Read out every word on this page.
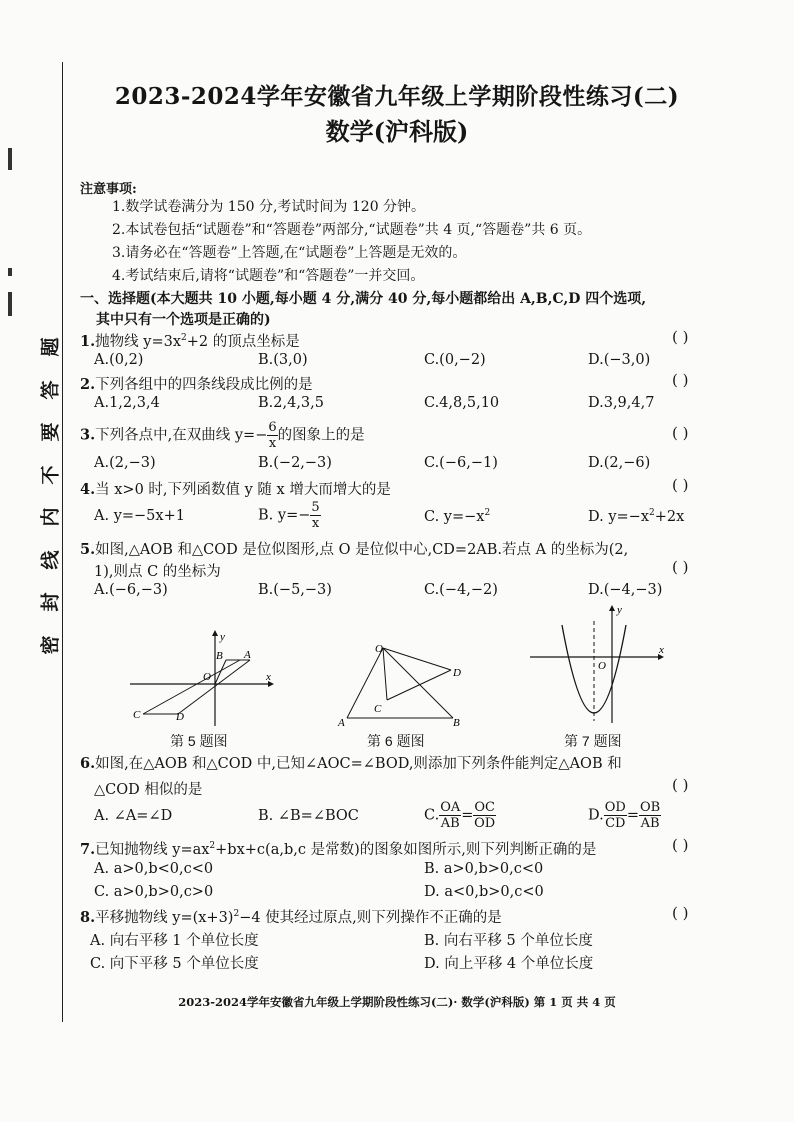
题
答
要
不
内
线
封
密
2023-2024学年安徽省九年级上学期阶段性练习(二)
数学(沪科版)
注意事项:
1.数学试卷满分为 150 分,考试时间为 120 分钟。
2.本试卷包括“试题卷”和“答题卷”两部分,“试题卷”共 4 页,“答题卷”共 6 页。
3.请务必在“答题卷”上答题,在“试题卷”上答题是无效的。
4.考试结束后,请将“试题卷”和“答题卷”一并交回。
一、选择题(本大题共 10 小题,每小题 4 分,满分 40 分,每小题都给出 A,B,C,D 四个选项,
其中只有一个选项是正确的)
1.抛物线 $y=3x^2+2$ 的顶点坐标是	( )
A.(0,2)	B.(3,0)	C.(0,−2)	D.(−3,0)
2.下列各组中的四条线段成比例的是	( )
A.1,2,3,4	B.2,4,3,5	C.4,8,5,10	D.3,9,4,7
3.下列各点中,在双曲线 $y=- \frac{6}{x}$ 的图象上的是	( )
A.(2,−3)	B.(−2,−3)	C.(−6,−1)	D.(2,−6)
4.当 x>0 时,下列函数值 y 随 x 增大而增大的是	( )
A. y=−5x+1	B. $y=- \frac{5}{x}$	C. $y=-x^2$	D. $y=-x^2+2x$
5.如图,△AOB 和△COD 是位似图形,点 O 是位似中心,CD=2AB.若点 A 的坐标为(2,
1),则点 C 的坐标为	( )
A.(−6,−3)	B.(−5,−3)	C.(−4,−2)	D.(−4,−3)
y
x
O
A
B
C	D
第 5 题图
O
A	B
C
D
第 6 题图
y
x
O
第 7 题图
6.如图,在△AOB 和△COD 中,已知∠AOC=∠BOD,则添加下列条件能判定△AOB 和
△COD 相似的是	( )
A. ∠A=∠D	B. ∠B=∠BOC	C. $\frac{OA}{AB} = \frac{OC}{OD}$	D. $\frac{OD}{CD} = \frac{OB}{AB}$
7.已知抛物线 $y=ax^2+bx+c(a,b,c$ 是常数)的图象如图所示,则下列判断正确的是	( )
A. a>0,b<0,c<0	B. a>0,b>0,c<0
C. a>0,b>0,c>0	D. a<0,b>0,c<0
8.平移抛物线 $y=(x+3)^2-4$ 使其经过原点,则下列操作不正确的是	( )
A. 向右平移 1 个单位长度	B. 向右平移 5 个单位长度
C. 向下平移 5 个单位长度	D. 向上平移 4 个单位长度
2023-2024学年安徽省九年级上学期阶段性练习(二)· 数学(沪科版) 第 1 页 共 4 页
